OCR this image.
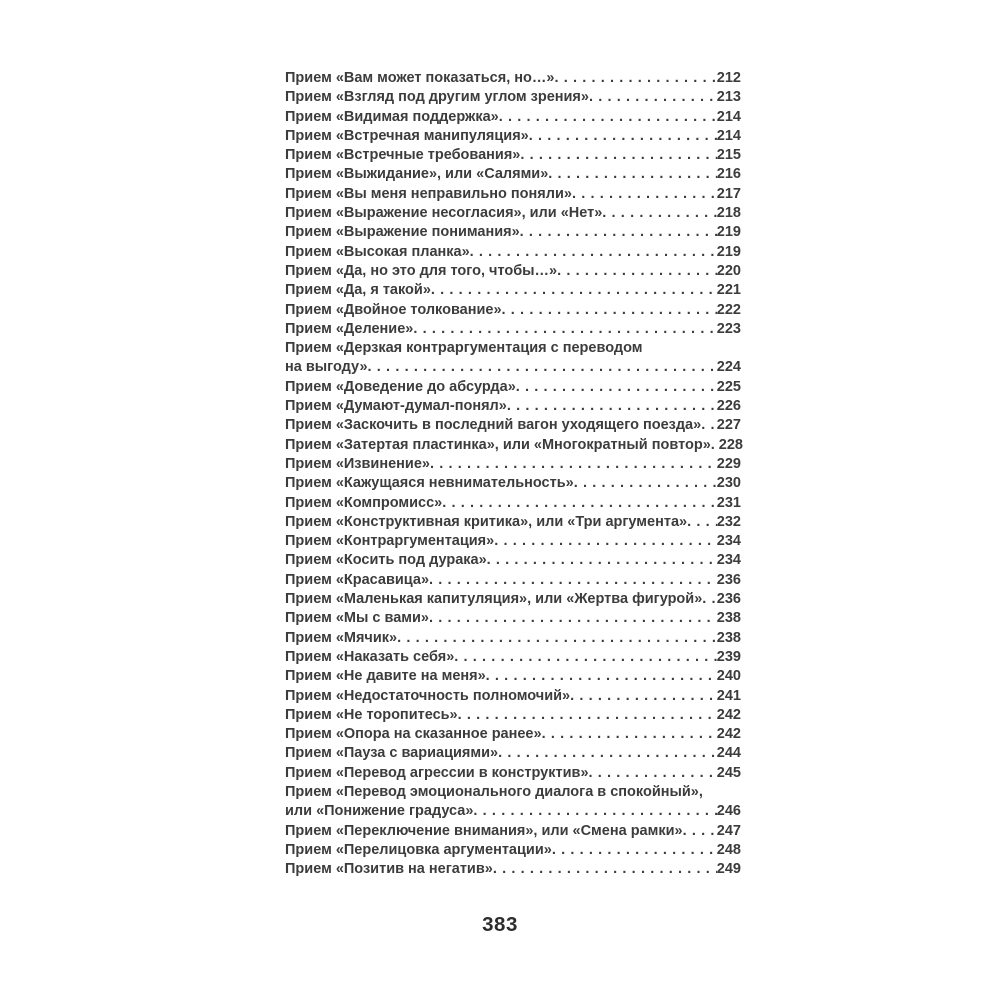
Прием «Вам может показаться, но…» . . .	212
Прием «Взгляд под другим углом зрения» . . .	213
Прием «Видимая поддержка» . . .	214
Прием «Встречная манипуляция» . . .	214
Прием «Встречные требования» . . .	215
Прием «Выжидание», или «Салями» . . .	216
Прием «Вы меня неправильно поняли» . . .	217
Прием «Выражение несогласия», или «Нет» . . .	218
Прием «Выражение понимания» . . .	219
Прием «Высокая планка» . . .	219
Прием «Да, но это для того, чтобы…» . . .	220
Прием «Да, я такой» . . .	221
Прием «Двойное толкование» . . .	222
Прием «Деление» . . .	223
Прием «Дерзкая контраргументация с переводом
на выгоду» . . .	224
Прием «Доведение до абсурда» . . .	225
Прием «Думают-думал-понял» . . .	226
Прием «Заскочить в последний вагон уходящего поезда» . . . 227
Прием «Затертая пластинка», или «Многократный повтор» . . . 228
Прием «Извинение» . . .	229
Прием «Кажущаяся невнимательность» . . .	230
Прием «Компромисс» . . .	231
Прием «Конструктивная критика», или «Три аргумента» . . . 232
Прием «Контраргументация» . . .	234
Прием «Косить под дурака» . . .	234
Прием «Красавица» . . .	236
Прием «Маленькая капитуляция», или «Жертва фигурой» . . . 236
Прием «Мы с вами» . . .	238
Прием «Мячик» . . .	238
Прием «Наказать себя» . . .	239
Прием «Не давите на меня» . . .	240
Прием «Недостаточность полномочий» . . .	241
Прием «Не торопитесь» . . .	242
Прием «Опора на сказанное ранее» . . .	242
Прием «Пауза с вариациями» . . .	244
Прием «Перевод агрессии в конструктив» . . .	245
Прием «Перевод эмоционального диалога в спокойный»,
или «Понижение градуса» . . .	246
Прием «Переключение внимания», или «Смена рамки» . . . 247
Прием «Перелицовка аргументации» . . .	248
Прием «Позитив на негатив» . . .	249
383
